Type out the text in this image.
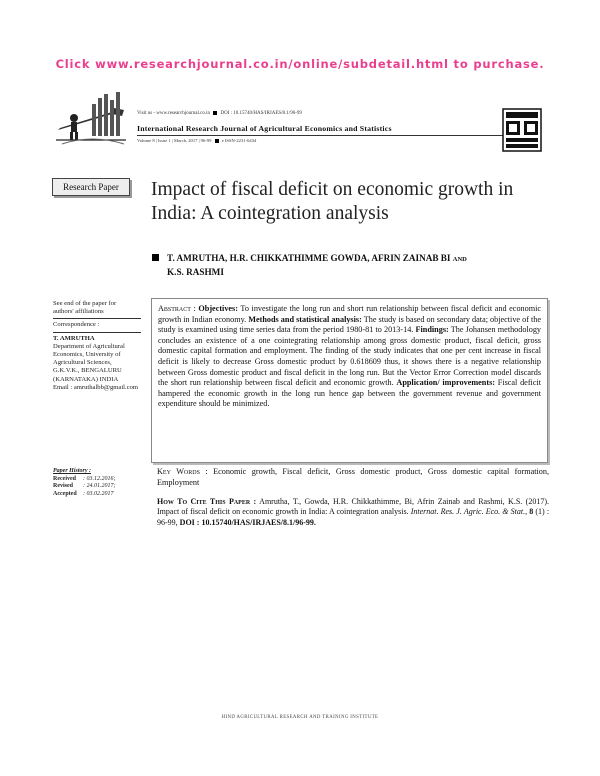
Click www.researchjournal.co.in/online/subdetail.html to purchase.
Visit us - www.researchjournal.co.in DOI : 10.15740/HAS/IRJAES/8.1/96-99
International Research Journal of Agricultural Economics and Statistics
Volume 8 | Issue 1 | March, 2017 | 96-99 e ISSN-2231-6434
Research Paper	Impact of fiscal deficit on economic growth in India: A cointegration analysis
T. AMRUTHA, H.R. CHIKKATHIMME GOWDA, AFRIN ZAINAB BI AND
K.S. RASHMI
See end of the paper for authors' affiliations
Correspondence :
T. AMRUTHA
Department of Agricultural Economics, University of Agricultural Sciences, G.K.V.K., BENGALURU (KARNATAKA) INDIA
Email : amruthalbb@gmail.com
Paper History :
Received	: 03.12.2016;
Revised	: 24.01.2017;
Accepted	: 03.02.2017
Abstract : Objectives: To investigate the long run and short run relationship between fiscal deficit and economic growth in Indian economy. Methods and statistical analysis: The study is based on secondary data; objective of the study is examined using time series data from the period 1980-81 to 2013-14. Findings: The Johansen methodology concludes an existence of a one cointegrating relationship among gross domestic product, fiscal deficit, gross domestic capital formation and employment. The finding of the study indicates that one per cent increase in fiscal deficit is likely to decrease Gross domestic product by 0.618609 thus, it shows there is a negative relationship between Gross domestic product and fiscal deficit in the long run. But the Vector Error Correction model discards the short run relationship between fiscal deficit and economic growth. Application/ improvements: Fiscal deficit hampered the economic growth in the long run hence gap between the government revenue and government expenditure should be minimized.
Key Words : Economic growth, Fiscal deficit, Gross domestic product, Gross domestic capital formation, Employment
How To Cite This Paper : Amrutha, T., Gowda, H.R. Chikkathimme, Bi, Afrin Zainab and Rashmi, K.S. (2017). Impact of fiscal deficit on economic growth in India: A cointegration analysis. Internat. Res. J. Agric. Eco. & Stat., 8 (1) : 96-99, DOI : 10.15740/HAS/IRJAES/8.1/96-99.
HIND AGRICULTURAL RESEARCH AND TRAINING INSTITUTE
